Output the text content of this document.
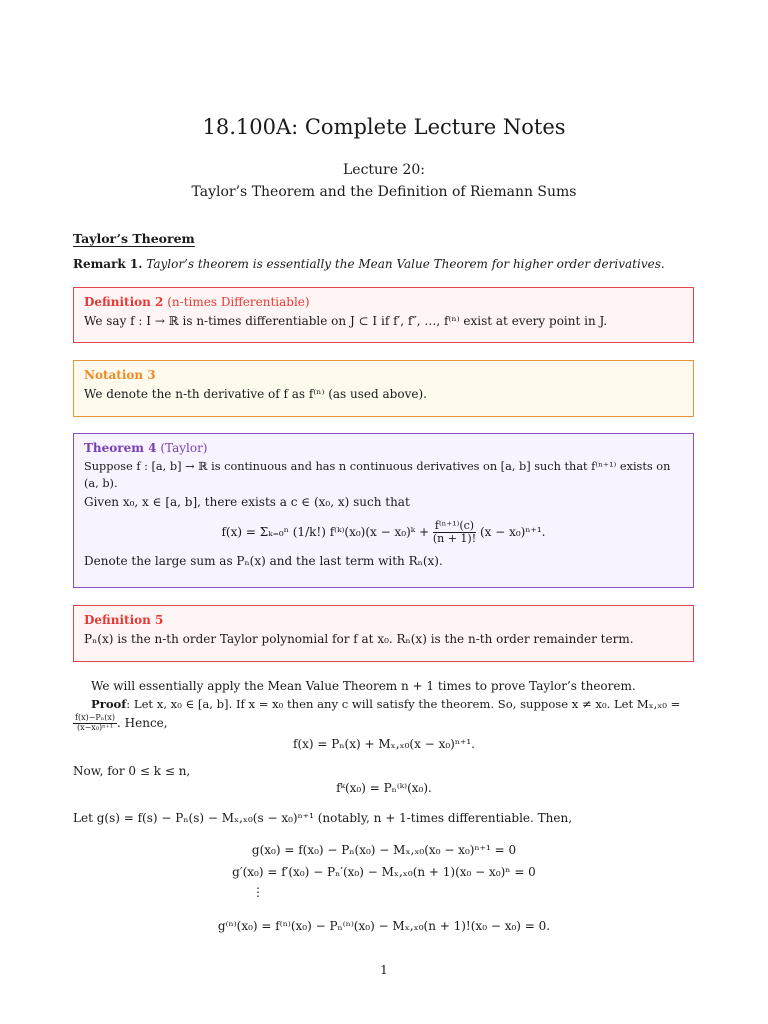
18.100A: Complete Lecture Notes
Lecture 20:
Taylor’s Theorem and the Definition of Riemann Sums
Taylor’s Theorem
Remark 1. Taylor’s theorem is essentially the Mean Value Theorem for higher order derivatives.
Definition 2 (n-times Differentiable)
We say f : I → ℝ is n-times differentiable on J ⊂ I if f′, f″, …, f⁽ⁿ⁾ exist at every point in J.
Notation 3
We denote the n-th derivative of f as f⁽ⁿ⁾ (as used above).
Theorem 4 (Taylor)
Suppose f : [a, b] → ℝ is continuous and has n continuous derivatives on [a, b] such that f⁽ⁿ⁺¹⁾ exists on (a, b).
Given x₀, x ∈ [a, b], there exists a c ∈ (x₀, x) such that
f(x) = Σₖ₌₀ⁿ (1/k!) f⁽ᵏ⁾(x₀)(x − x₀)ᵏ + $\frac{\text{f⁽ⁿ⁺¹⁾(c)}}{(n + 1)!} (x - x_0)^{n+1}$.
Denote the large sum as Pₙ(x) and the last term with Rₙ(x).
Definition 5
Pₙ(x) is the n-th order Taylor polynomial for f at x₀. Rₙ(x) is the n-th order remainder term.
We will essentially apply the Mean Value Theorem n + 1 times to prove Taylor’s theorem.
Proof: Let x, x₀ ∈ [a, b]. If x = x₀ then any c will satisfy the theorem. So, suppose x ≠ x₀. Let Mₓ,ₓ₀ =
$\frac{\text{f(x)−Pₙ(x)}}{\text{(x−x₀)ⁿ⁺¹}}$ . Hence,
f(x) = Pₙ(x) + Mₓ,ₓ₀(x − x₀)ⁿ⁺¹.
Now, for 0 ≤ k ≤ n,
fᵏ(x₀) = Pₙ⁽ᵏ⁾(x₀).
Let g(s) = f(s) − Pₙ(s) − Mₓ,ₓ₀(s − x₀)ⁿ⁺¹ (notably, n + 1-times differentiable. Then,
g(x₀) = f(x₀) − Pₙ(x₀) − Mₓ,ₓ₀(x₀ − x₀)ⁿ⁺¹ = 0
g′(x₀) = f′(x₀) − Pₙ′(x₀) − Mₓ,ₓ₀(n + 1)(x₀ − x₀)ⁿ = 0
⋮
g⁽ⁿ⁾(x₀) = f⁽ⁿ⁾(x₀) − Pₙ⁽ⁿ⁾(x₀) − Mₓ,ₓ₀(n + 1)!(x₀ − x₀) = 0.
1
